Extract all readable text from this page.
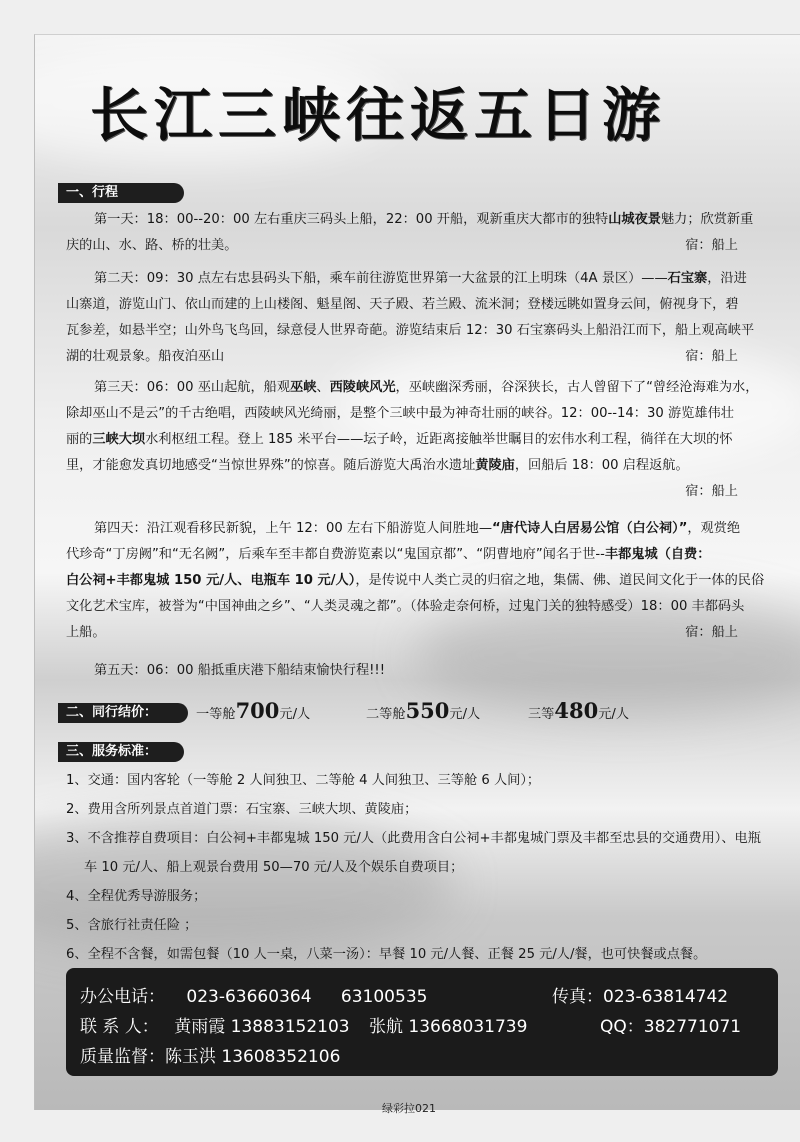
长江三峡往返五日游
一、行程
第一天：18：00--20：00 左右重庆三码头上船，22：00 开船，观新重庆大都市的独特山城夜景魅力；欣赏新重
庆的山、水、路、桥的壮美。	宿：船上
第二天：09：30 点左右忠县码头下船，乘车前往游览世界第一大盆景的江上明珠（4A 景区）——石宝寨，沿进
山寨道，游览山门、依山而建的上山楼阁、魁星阁、天子殿、若兰殿、流米洞；登楼远眺如置身云间，俯视身下，碧
瓦参差，如悬半空；山外鸟飞鸟回，绿意侵人世界奇葩。游览结束后 12：30 石宝寨码头上船沿江而下，船上观高峡平
湖的壮观景象。船夜泊巫山	宿：船上
第三天：06：00 巫山起航，船观巫峡、西陵峡风光，巫峡幽深秀丽，谷深狭长，古人曾留下了“曾经沧海难为水，
除却巫山不是云”的千古绝唱，西陵峡风光绮丽，是整个三峡中最为神奇壮丽的峡谷。12：00--14：30 游览雄伟壮
丽的三峡大坝水利枢纽工程。登上 185 米平台——坛子岭，近距离接触举世瞩目的宏伟水利工程，徜徉在大坝的怀
里，才能愈发真切地感受“当惊世界殊”的惊喜。随后游览大禹治水遗址黄陵庙，回船后 18：00 启程返航。
宿：船上
第四天：沿江观看移民新貌，上午 12：00 左右下船游览人间胜地—“唐代诗人白居易公馆（白公祠）”，观赏绝
代珍奇“丁房阙”和“无名阙”，后乘车至丰都自费游览素以“鬼国京都”、“阴曹地府”闻名于世--丰都鬼城（自费：
白公祠+丰都鬼城 150 元/人、电瓶车 10 元/人），是传说中人类亡灵的归宿之地，集儒、佛、道民间文化于一体的民俗
文化艺术宝库，被誉为“中国神曲之乡”、“人类灵魂之都”。（体验走奈何桥，过鬼门关的独特感受）18：00 丰都码头
上船。	宿：船上
第五天：06：00 船抵重庆港下船结束愉快行程!!!
二、同行结价：	一等舱700元/人	二等舱550元/人	三等480元/人
三、服务标准：
1、交通：国内客轮（一等舱 2 人间独卫、二等舱 4 人间独卫、三等舱 6 人间）；
2、费用含所列景点首道门票：石宝寨、三峡大坝、黄陵庙；
3、不含推荐自费项目：白公祠+丰都鬼城 150 元/人（此费用含白公祠+丰都鬼城门票及丰都至忠县的交通费用）、电瓶
车 10 元/人、船上观景台费用 50—70 元/人及个娱乐自费项目；
4、全程优秀导游服务；
5、含旅行社责任险 ；
6、全程不含餐，如需包餐（10 人一桌，八菜一汤）：早餐 10 元/人餐、正餐 25 元/人/餐，也可快餐或点餐。
办公电话： 023-63660364 63100535	传真：023-63814742
联 系 人： 黄雨霞 13883152103 张航 13668031739	QQ：382771071
质量监督：陈玉洪 13608352106
绿彩拉021
